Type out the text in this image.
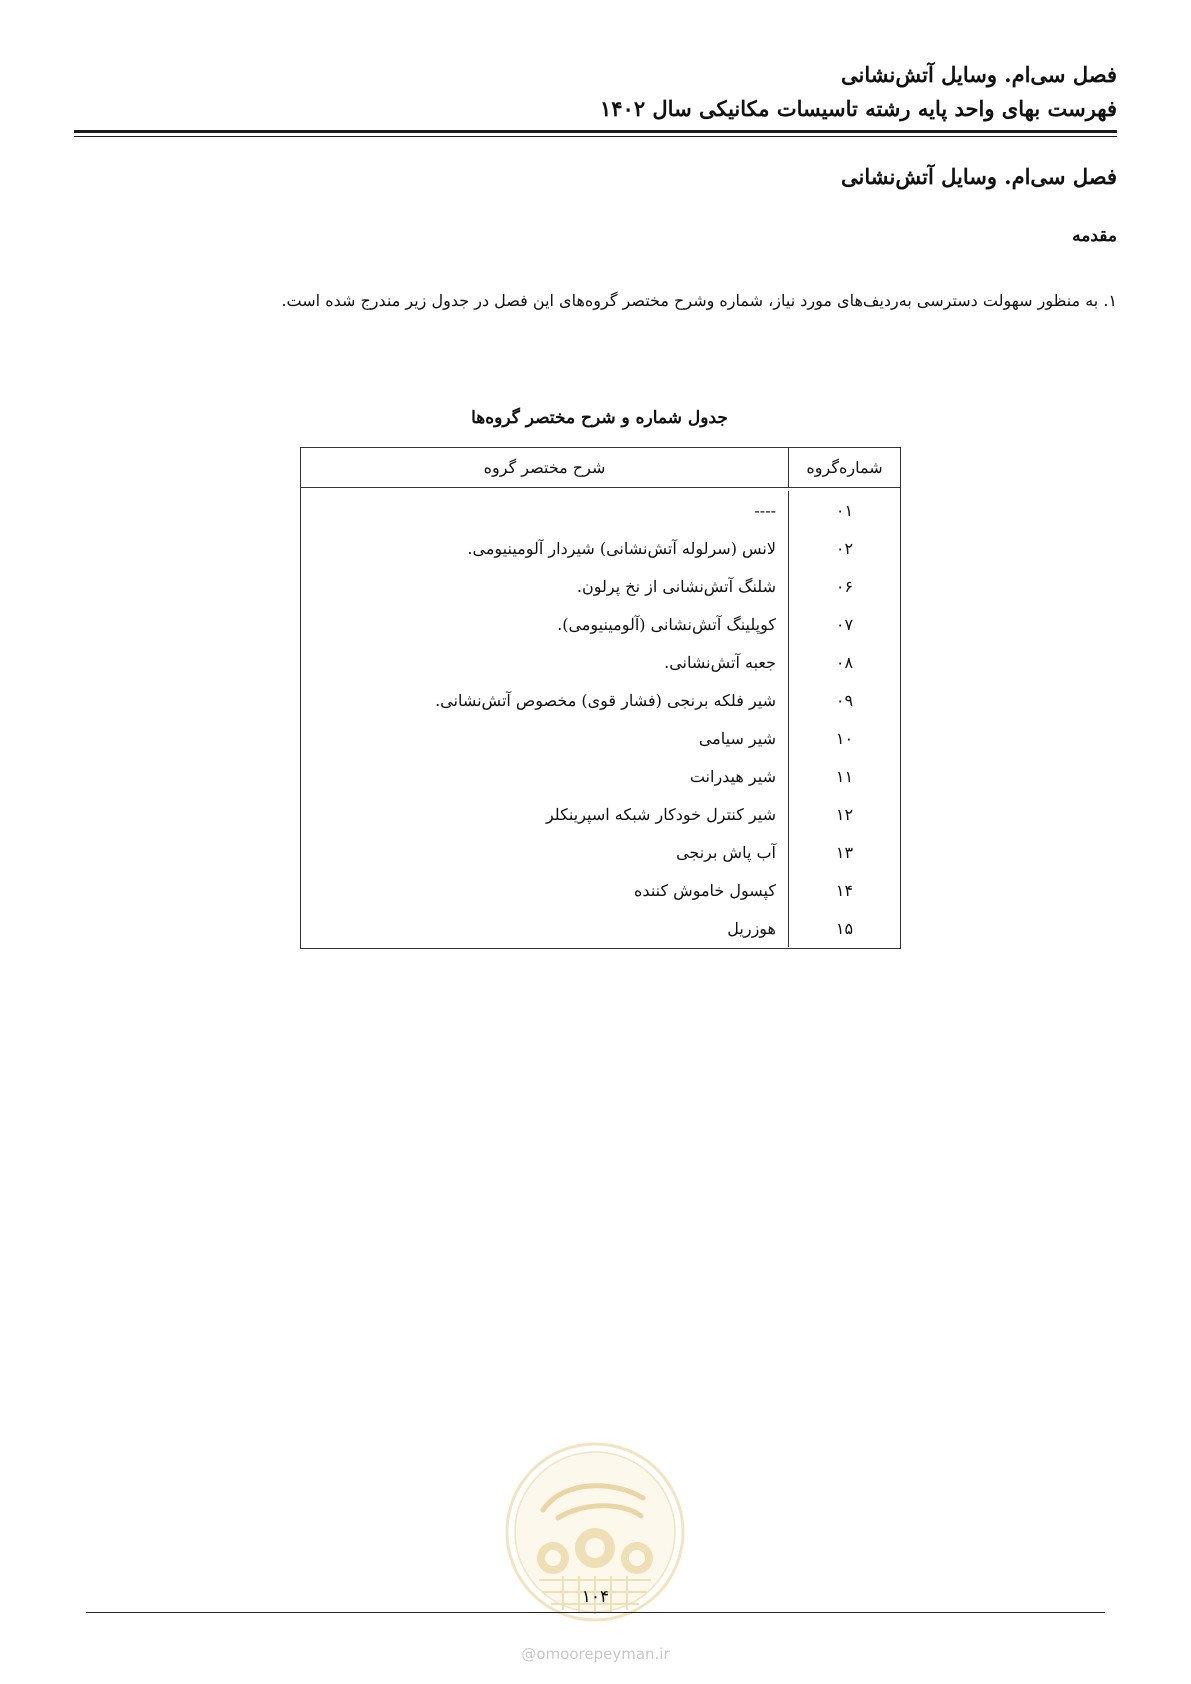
فصل سی‌ام. وسایل آتش‌نشانی
فهرست بهای واحد پایه رشته تاسیسات مکانیکی سال ۱۴۰۲
فصل سی‌ام. وسایل آتش‌نشانی
مقدمه
۱. به منظور سهولت دسترسی به‌ردیف‌های مورد نیاز، شماره وشرح مختصر گروه‌های این فصل در جدول زیر مندرج شده است.
جدول شماره و شرح مختصر گروه‌ها
شماره‌گروه
شرح مختصر گروه
۰۱
----
۰۲
لانس (سرلوله آتش‌نشانی) شیردار آلومینیومی.
۰۶
شلنگ آتش‌نشانی از نخ پرلون.
۰۷
کوپلینگ آتش‌نشانی (آلومینیومی).
۰۸
جعبه آتش‌نشانی.
۰۹
شیر فلکه برنجی (فشار قوی) مخصوص آتش‌نشانی.
۱۰
شیر سیامی
۱۱
شیر هیدرانت
۱۲
شیر کنترل خودکار شبکه اسپرینکلر
۱۳
آب پاش برنجی
۱۴
کپسول خاموش کننده
۱۵
هوزریل
۱۰۴
@omoorepeyman.ir
